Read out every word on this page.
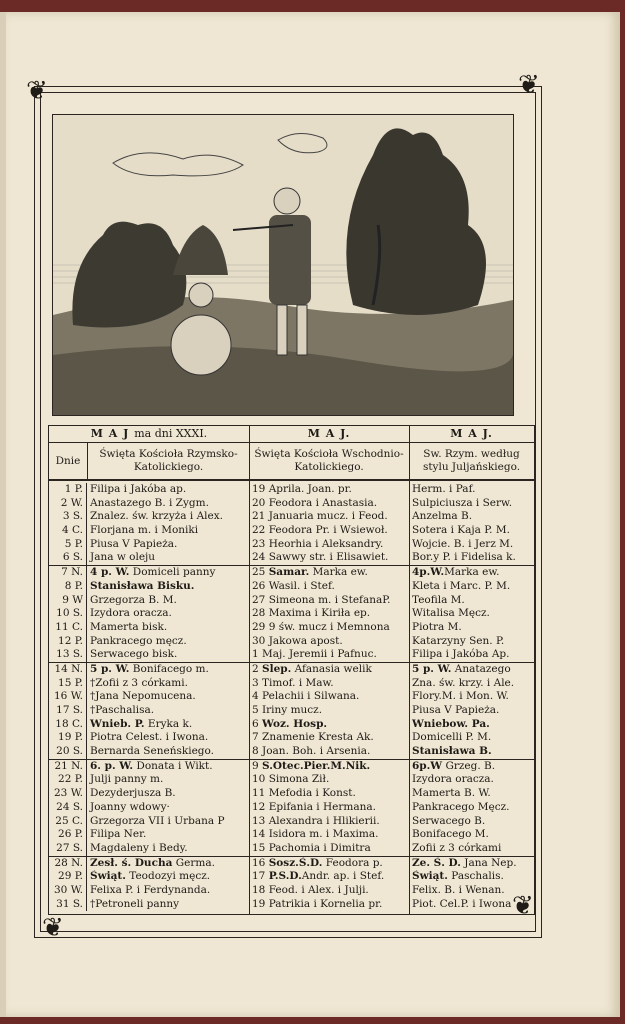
❦	❦
❦
❦
M A J ma dni XXXI.
Dnie
Święta Kościoła Rzymsko-Katolickiego.
1 P. Filipa i Jakóba ap.
2 W. Anastazego B. i Zygm.
3 S. Znalez. św. krzyża i Alex.
4 C. Florjana m. i Moniki
5 P. Piusa V Papieża.
6 S. Jana w oleju
7 N. 4 p. W. Domiceli panny
8 P. Stanisława Bisku.
9 W Grzegorza B. M.
10 S. Izydora oracza.
11 C. Mamerta bisk.
12 P. Pankracego męcz.
13 S. Serwacego bisk.
14 N. 5 p. W. Bonifacego m.
15 P. †Zofii z 3 córkami.
16 W. †Jana Nepomucena.
17 S. †Paschalisa.
18 C. Wnieb. P. Eryka k.
19 P. Piotra Celest. i Iwona.
20 S. Bernarda Seneńskiego.
21 N. 6. p. W. Donata i Wikt.
22 P. Julji panny m.
23 W. Dezyderjusza B.
24 S. Joanny wdowy·
25 C. Grzegorza VII i Urbana P
26 P. Filipa Ner.
27 S. Magdaleny i Bedy.
28 N. Zesł. ś. Ducha Germa.
29 P. Świąt. Teodozyi męcz.
30 W. Felixa P. i Ferdynanda.
31 S. †Petroneli panny
M A J.
Święta Kościoła Wschodnio-Katolickiego.
19 Aprila. Joan. pr.
20 Feodora i Anastasia.
21 Januaria mucz. i Feod.
22 Feodora Pr. i Wsiewoł.
23 Heorhia i Aleksandry.
24 Sawwy str. i Elisawiet.
25 Samar. Marka ew.
26 Wasil. i Stef.
27 Simeona m. i StefanaP.
28 Maxima i Kiriła ep.
29 9 św. mucz i Memnona
30 Jakowa apost.
1 Maj. Jeremii i Pafnuc.
2 Slep. Afanasia welik
3 Timof. i Maw.
4 Pelachii i Silwana.
5 Iriny mucz.
6 Woz. Hosp.
7 Znamenie Kresta Ak.
8 Joan. Boh. i Arsenia.
9 S.Otec.Pier.M.Nik.
10 Simona Ził.
11 Mefodia i Konst.
12 Epifania i Hermana.
13 Alexandra i Hlikierii.
14 Isidora m. i Maxima.
15 Pachomia i Dimitra
16 Sosz.Ś.D. Feodora p.
17 P.S.D.Andr. ap. i Stef.
18 Feod. i Alex. i Julji.
19 Patrikia i Kornelia pr.
M A J.
Sw. Rzym. według stylu Juljańskiego.
Herm. i Paf.
Sulpiciusza i Serw.
Anzelma B.
Sotera i Kaja P. M.
Wojcie. B. i Jerz M.
Bor.y P. i Fidelisa k.
4p.W.Marka ew.
Kleta i Marc. P. M.
Teofila M.
Witalisa Męcz.
Piotra M.
Katarzyny Sen. P.
Filipa i Jakóba Ap.
5 p. W. Anatazego
Zna. św. krzy. i Ale.
Flory.M. i Mon. W.
Piusa V Papieża.
Wniebow. Pa.
Domicelli P. M.
Stanisława B.
6p.W Grzeg. B.
Izydora oracza.
Mamerta B. W.
Pankracego Męcz.
Serwacego B.
Bonifacego M.
Zofii z 3 córkami
Ze. Ś. D. Jana Nep.
Świąt. Paschalis.
Felix. B. i Wenan.
Piot. Cel.P. i Iwona
